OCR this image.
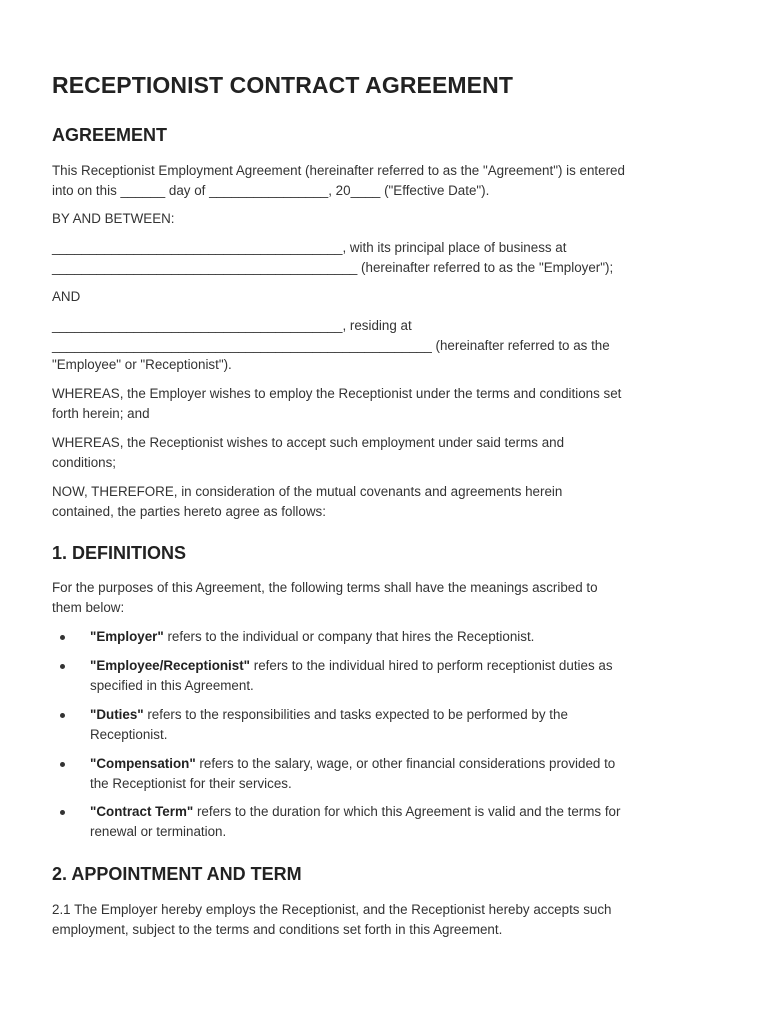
RECEPTIONIST CONTRACT AGREEMENT
AGREEMENT

This Receptionist Employment Agreement (hereinafter referred to as the "Agreement") is entered
into on this ______ day of ________________, 20____ ("Effective Date").

BY AND BETWEEN:

_______________________________________, with its principal place of business at
_________________________________________ (hereinafter referred to as the "Employer");

AND

_______________________________________, residing at
___________________________________________________ (hereinafter referred to as the
"Employee" or "Receptionist").

WHEREAS, the Employer wishes to employ the Receptionist under the terms and conditions set
forth herein; and

WHEREAS, the Receptionist wishes to accept such employment under said terms and
conditions;

NOW, THEREFORE, in consideration of the mutual covenants and agreements herein
contained, the parties hereto agree as follows:

1. DEFINITIONS

For the purposes of this Agreement, the following terms shall have the meanings ascribed to
them below:

"Employer" refers to the individual or company that hires the Receptionist.
"Employee/Receptionist" refers to the individual hired to perform receptionist duties as
specified in this Agreement.
"Duties" refers to the responsibilities and tasks expected to be performed by the
Receptionist.
"Compensation" refers to the salary, wage, or other financial considerations provided to
the Receptionist for their services.
"Contract Term" refers to the duration for which this Agreement is valid and the terms for
renewal or termination.
2. APPOINTMENT AND TERM

2.1 The Employer hereby employs the Receptionist, and the Receptionist hereby accepts such
employment, subject to the terms and conditions set forth in this Agreement.
